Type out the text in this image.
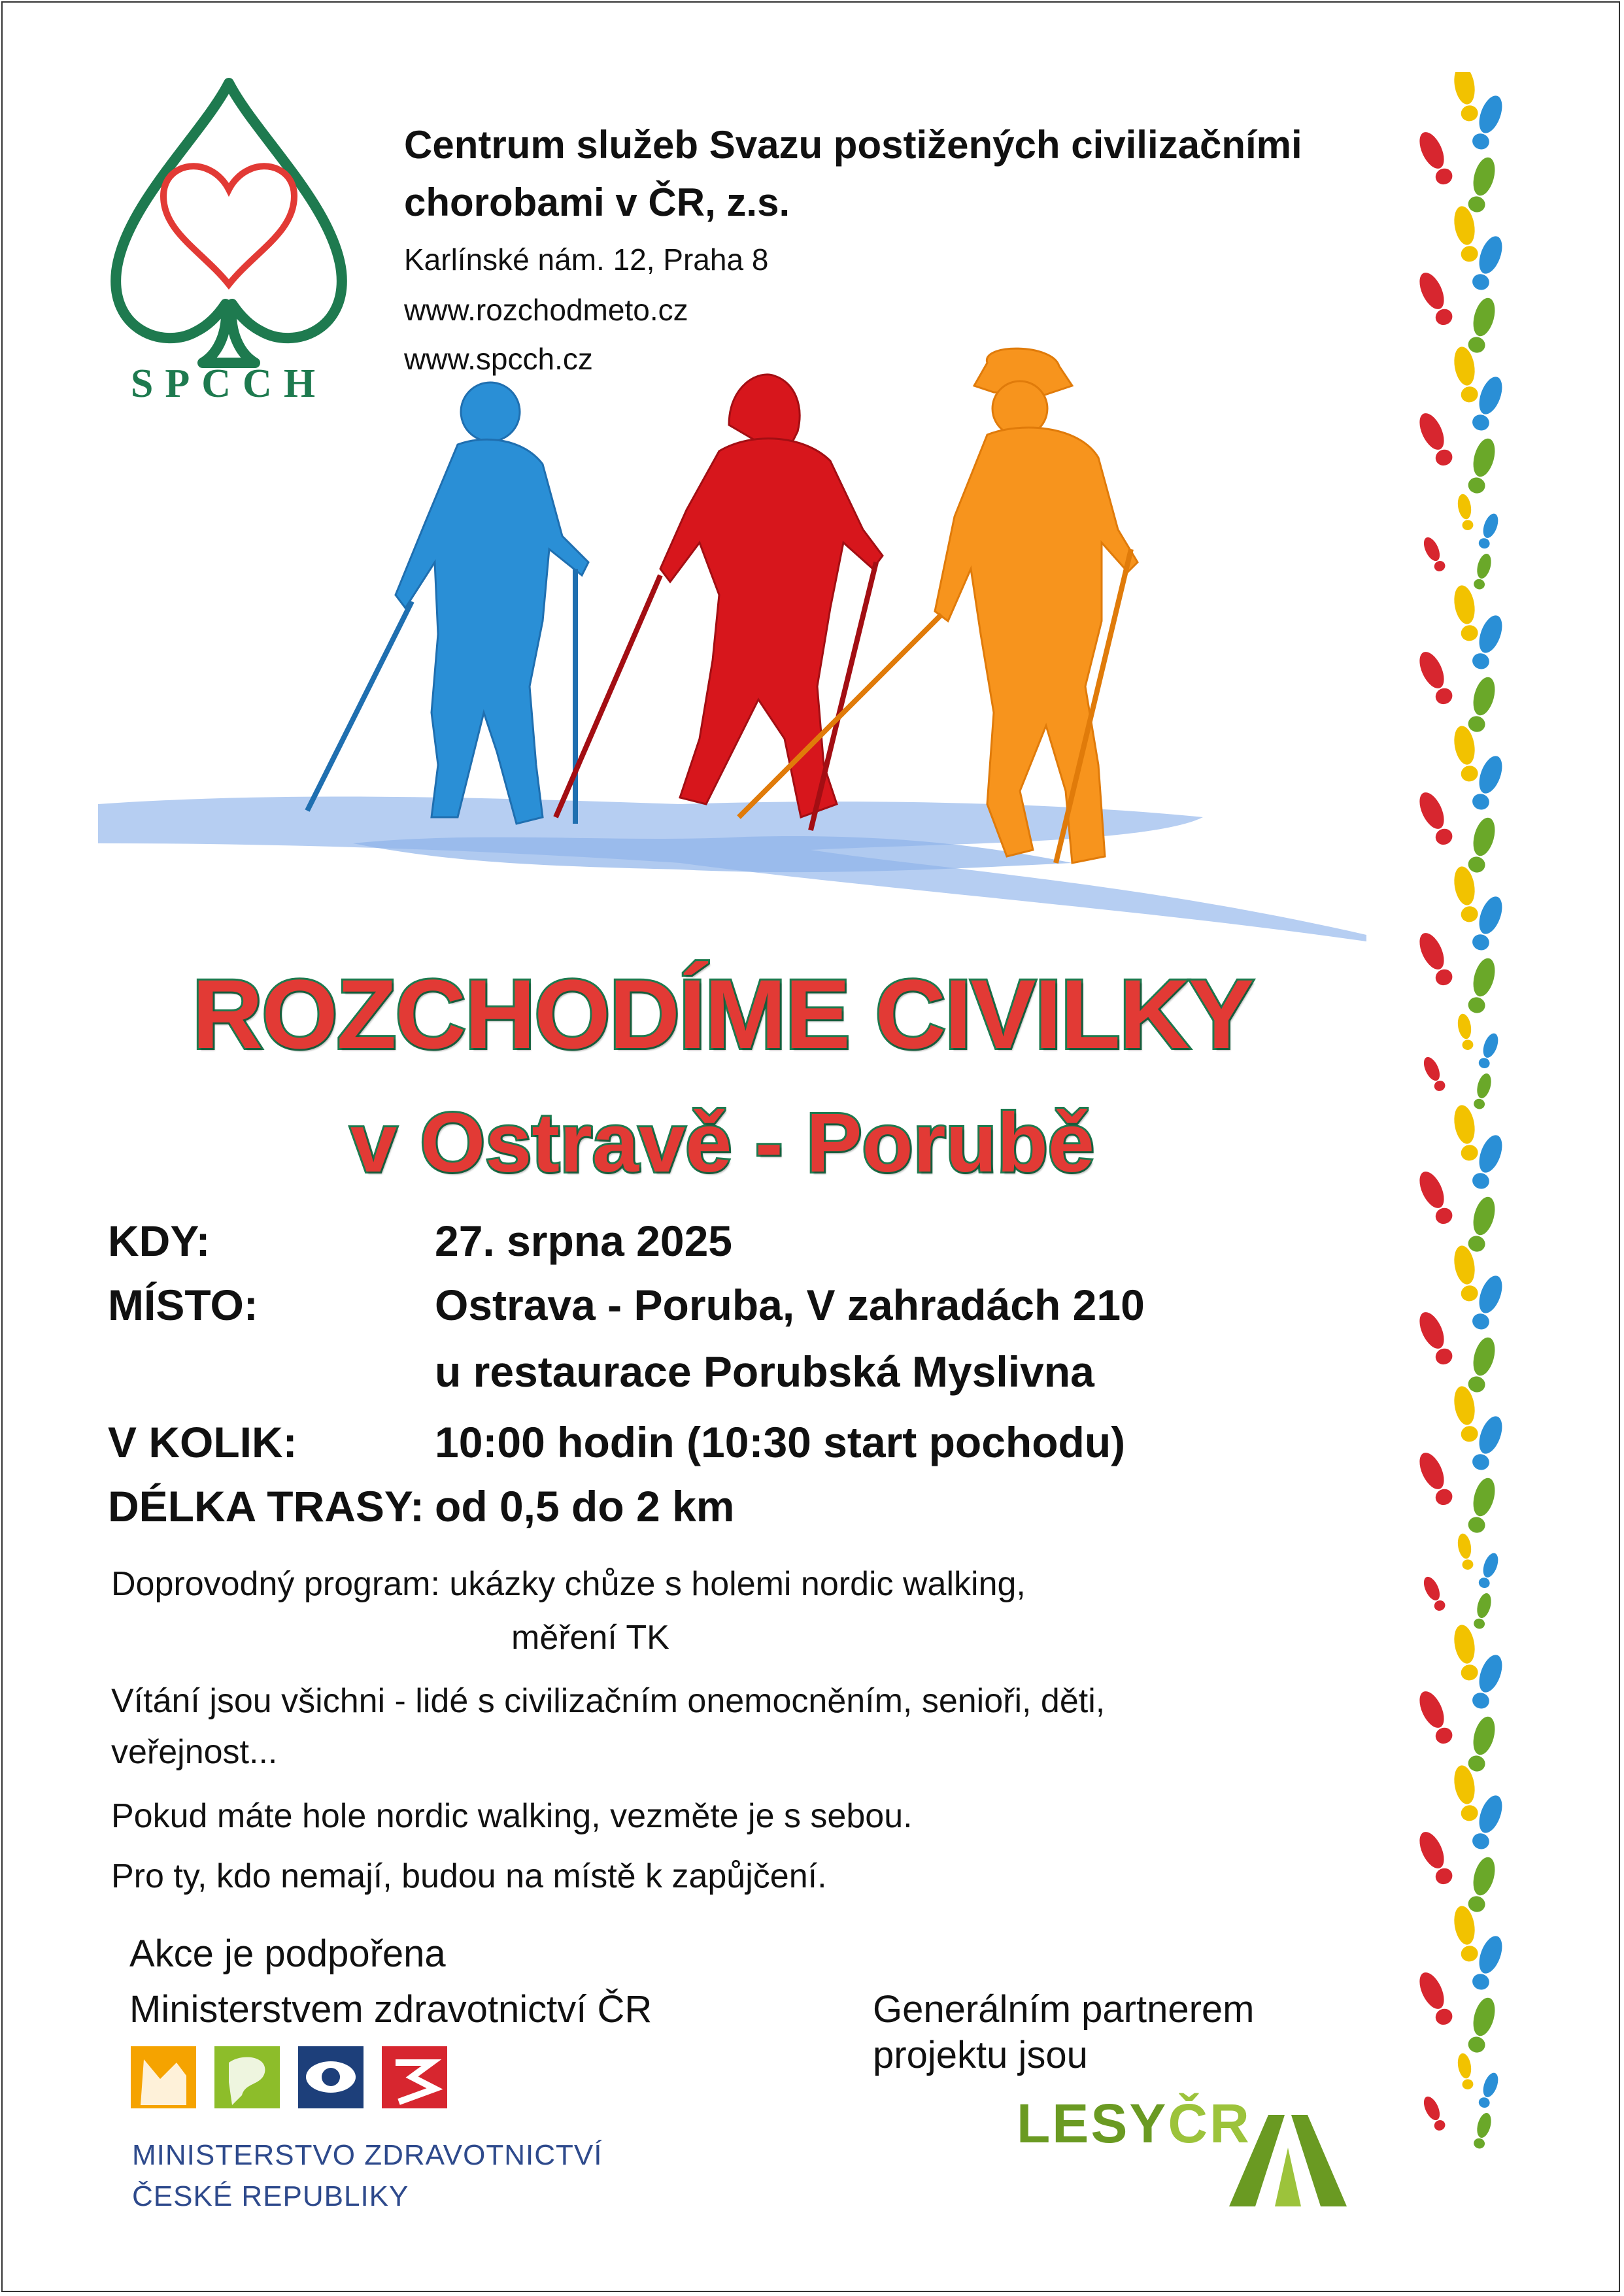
SPCCH
Centrum služeb Svazu postižených civilizačními
chorobami v ČR, z.s.
Karlínské nám. 12, Praha 8
www.rozchodmeto.cz
www.spcch.cz
ROZCHODÍME CIVILKY
v Ostravě - Porubě
KDY:	27. srpna 2025
MÍSTO:	Ostrava - Poruba, V zahradách 210
u restaurace Porubská Myslivna
V KOLIK:	10:00 hodin (10:30 start pochodu)
DÉLKA TRASY: od 0,5 do 2 km
Doprovodný program: ukázky chůze s holemi nordic walking,
měření TK
Vítání jsou všichni - lidé s civilizačním onemocněním, senioři, děti,
veřejnost...
Pokud máte hole nordic walking, vezměte je s sebou.
Pro ty, kdo nemají, budou na místě k zapůjčení.
Akce je podpořena
Ministerstvem zdravotnictví ČR
MINISTERSTVO ZDRAVOTNICTVÍ
ČESKÉ REPUBLIKY
Generálním partnerem
projektu jsou
LESYČR
